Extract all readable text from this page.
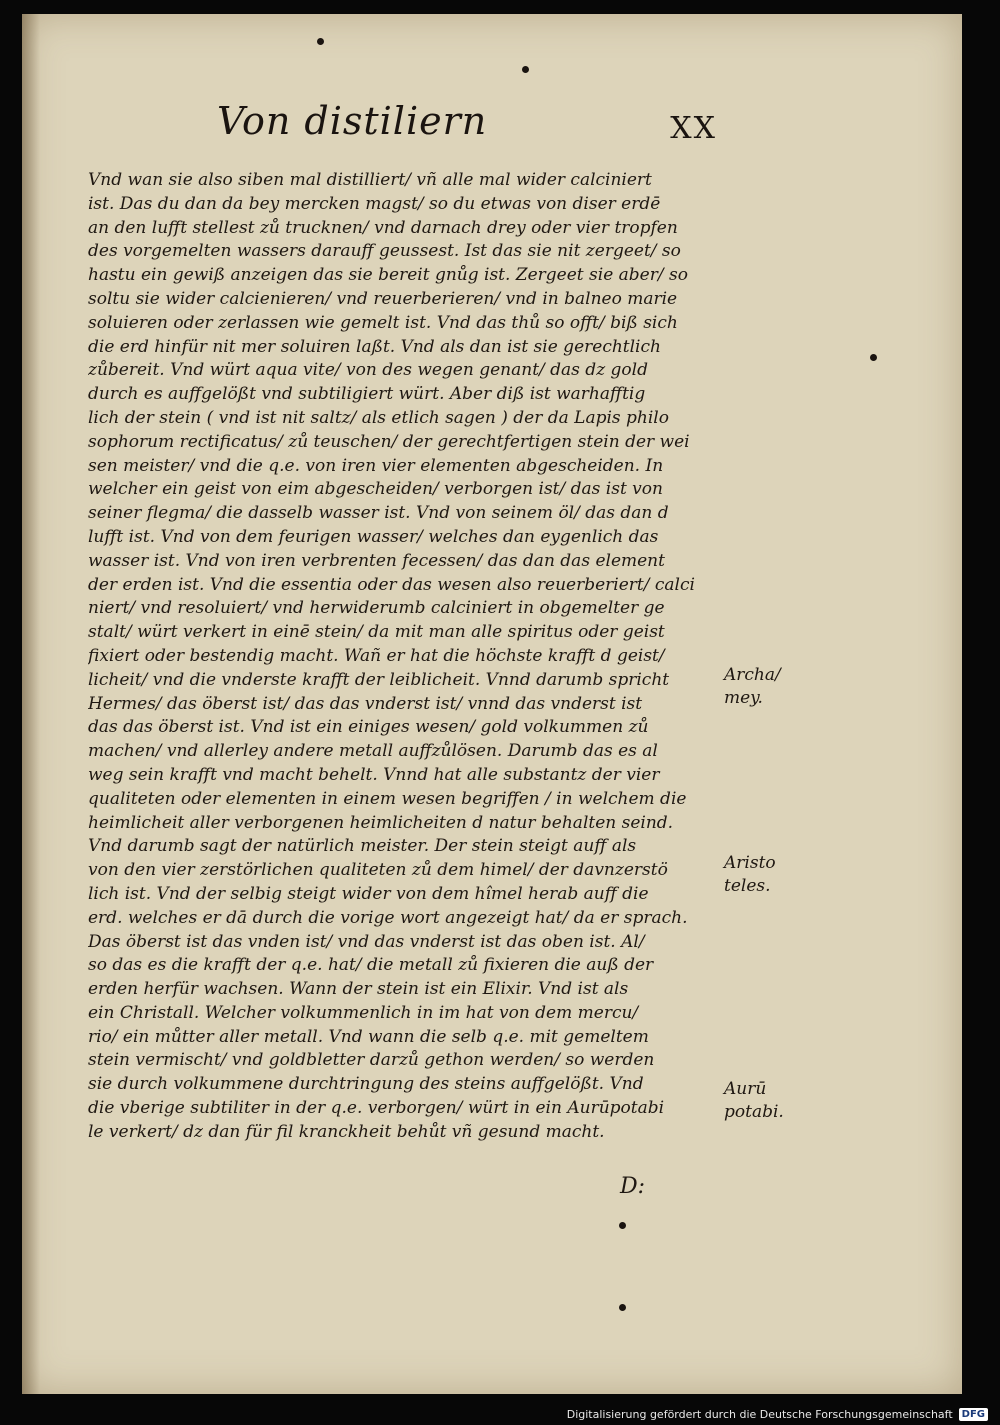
Von distiliern	XX
Vnd wan sie also siben mal distilliert/ vñ alle mal wider calciniert
ist. Das du dan da bey mercken magst/ so du etwas von diser erdē
an den lufft stellest zů trucknen/ vnd darnach drey oder vier tropfen
des vorgemelten wassers darauff geussest. Ist das sie nit zergeet/ so
hastu ein gewiß anzeigen das sie bereit gnůg ist. Zergeet sie aber/ so
soltu sie wider calcienieren/ vnd reuerberieren/ vnd in balneo marie
soluieren oder zerlassen wie gemelt ist. Vnd das thů so offt/ biß sich
die erd hinfür nit mer soluiren laßt. Vnd als dan ist sie gerechtlich
zůbereit. Vnd würt aqua vite/ von des wegen genant/ das dz gold
durch es auffgelößt vnd subtiligiert würt. Aber diß ist warhafftig
lich der stein ( vnd ist nit saltz/ als etlich sagen ) der da Lapis philo
sophorum rectificatus/ zů teuschen/ der gerechtfertigen stein der wei
sen meister/ vnd die q.e. von iren vier elementen abgescheiden. In
welcher ein geist von eim abgescheiden/ verborgen ist/ das ist von
seiner flegma/ die dasselb wasser ist. Vnd von seinem öl/ das dan d
lufft ist. Vnd von dem feurigen wasser/ welches dan eygenlich das
wasser ist. Vnd von iren verbrenten fecessen/ das dan das element
der erden ist. Vnd die essentia oder das wesen also reuerberiert/ calci
niert/ vnd resoluiert/ vnd herwiderumb calciniert in obgemelter ge
stalt/ würt verkert in einē stein/ da mit man alle spiritus oder geist
fixiert oder bestendig macht. Wañ er hat die höchste krafft d geist/
licheit/ vnd die vnderste krafft der leiblicheit. Vnnd darumb spricht
Hermes/ das öberst ist/ das das vnderst ist/ vnnd das vnderst ist
das das öberst ist. Vnd ist ein einiges wesen/ gold volkummen zů
machen/ vnd allerley andere metall auffzůlösen. Darumb das es al
weg sein krafft vnd macht behelt. Vnnd hat alle substantz der vier
qualiteten oder elementen in einem wesen begriffen / in welchem die
heimlicheit aller verborgenen heimlicheiten d natur behalten seind.
Vnd darumb sagt der natürlich meister. Der stein steigt auff als
von den vier zerstörlichen qualiteten zů dem himel/ der davnzerstö
lich ist. Vnd der selbig steigt wider von dem hîmel herab auff die
erd. welches er dā durch die vorige wort angezeigt hat/ da er sprach.
Das öberst ist das vnden ist/ vnd das vnderst ist das oben ist. Al/
so das es die krafft der q.e. hat/ die metall zů fixieren die auß der
erden herfür wachsen. Wann der stein ist ein Elixir. Vnd ist als
ein Christall. Welcher volkummenlich in im hat von dem mercu/
rio/ ein můtter aller metall. Vnd wann die selb q.e. mit gemeltem
stein vermischt/ vnd goldbletter darzů gethon werden/ so werden
sie durch volkummene durchtringung des steins auffgelößt. Vnd
die vberige subtiliter in der q.e. verborgen/ würt in ein Aurūpotabi
le verkert/ dz dan für fil kranckheit behůt vñ gesund macht.
Archa/
mey.
Aristo
teles.
Aurū
potabi.
D:
Digitalisierung gefördert durch die Deutsche Forschungsgemeinschaft DFG
